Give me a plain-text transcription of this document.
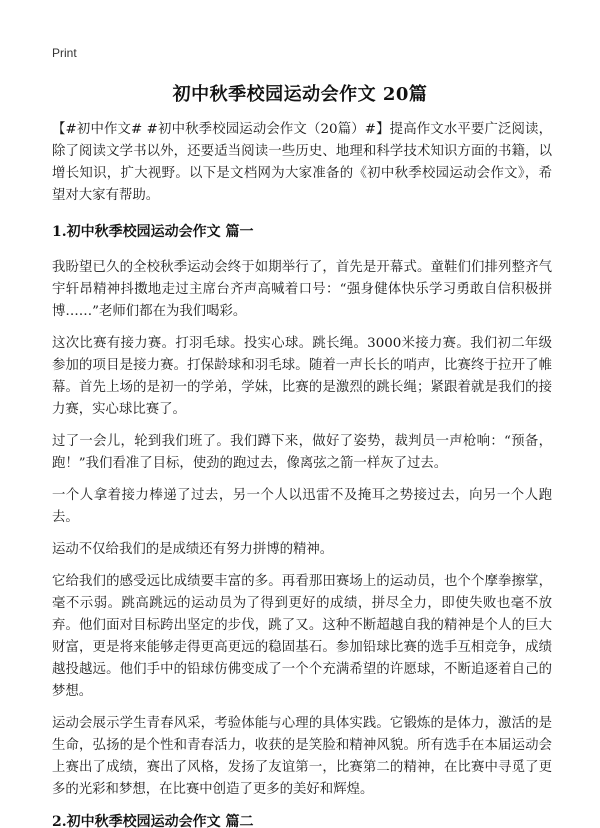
Print
初中秋季校园运动会作文 20篇

【#初中作文# #初中秋季校园运动会作文（20篇）#】提高作文水平要广泛阅读，除了阅读文学书以外，还要适当阅读一些历史、地理和科学技术知识方面的书籍，以增长知识，扩大视野。以下是文档网为大家准备的《初中秋季校园运动会作文》，希望对大家有帮助。

1.初中秋季校园运动会作文 篇一

我盼望已久的全校秋季运动会终于如期举行了，首先是开幕式。童鞋们们排列整齐气宇轩昂精神抖擞地走过主席台齐声高喊着口号：“强身健体快乐学习勇敢自信积极拼博……”老师们都在为我们喝彩。

这次比赛有接力赛。打羽毛球。投实心球。跳长绳。3000米接力赛。我们初二年级参加的项目是接力赛。打保龄球和羽毛球。随着一声长长的哨声，比赛终于拉开了帷幕。首先上场的是初一的学弟，学妹，比赛的是激烈的跳长绳；紧跟着就是我们的接力赛，实心球比赛了。

过了一会儿，轮到我们班了。我们蹲下来，做好了姿势，裁判员一声枪响：“预备，跑！”我们看准了目标，使劲的跑过去，像离弦之箭一样灰了过去。

一个人拿着接力棒递了过去，另一个人以迅雷不及掩耳之势接过去，向另一个人跑去。

运动不仅给我们的是成绩还有努力拼博的精神。

它给我们的感受远比成绩要丰富的多。再看那田赛场上的运动员，也个个摩拳擦掌，毫不示弱。跳高跳远的运动员为了得到更好的成绩，拼尽全力，即使失败也毫不放弃。他们面对目标跨出坚定的步伐，跳了又。这种不断超越自我的精神是个人的巨大财富，更是将来能够走得更高更远的稳固基石。参加铅球比赛的选手互相竞争，成绩越投越远。他们手中的铅球仿佛变成了一个个充满希望的许愿球，不断追逐着自己的梦想。

运动会展示学生青春风采，考验体能与心理的具体实践。它锻炼的是体力，激活的是生命，弘扬的是个性和青春活力，收获的是笑脸和精神风貌。所有选手在本届运动会上赛出了成绩，赛出了风格，发扬了友谊第一，比赛第二的精神，在比赛中寻觅了更多的光彩和梦想，在比赛中创造了更多的美好和辉煌。

2.初中秋季校园运动会作文 篇二
